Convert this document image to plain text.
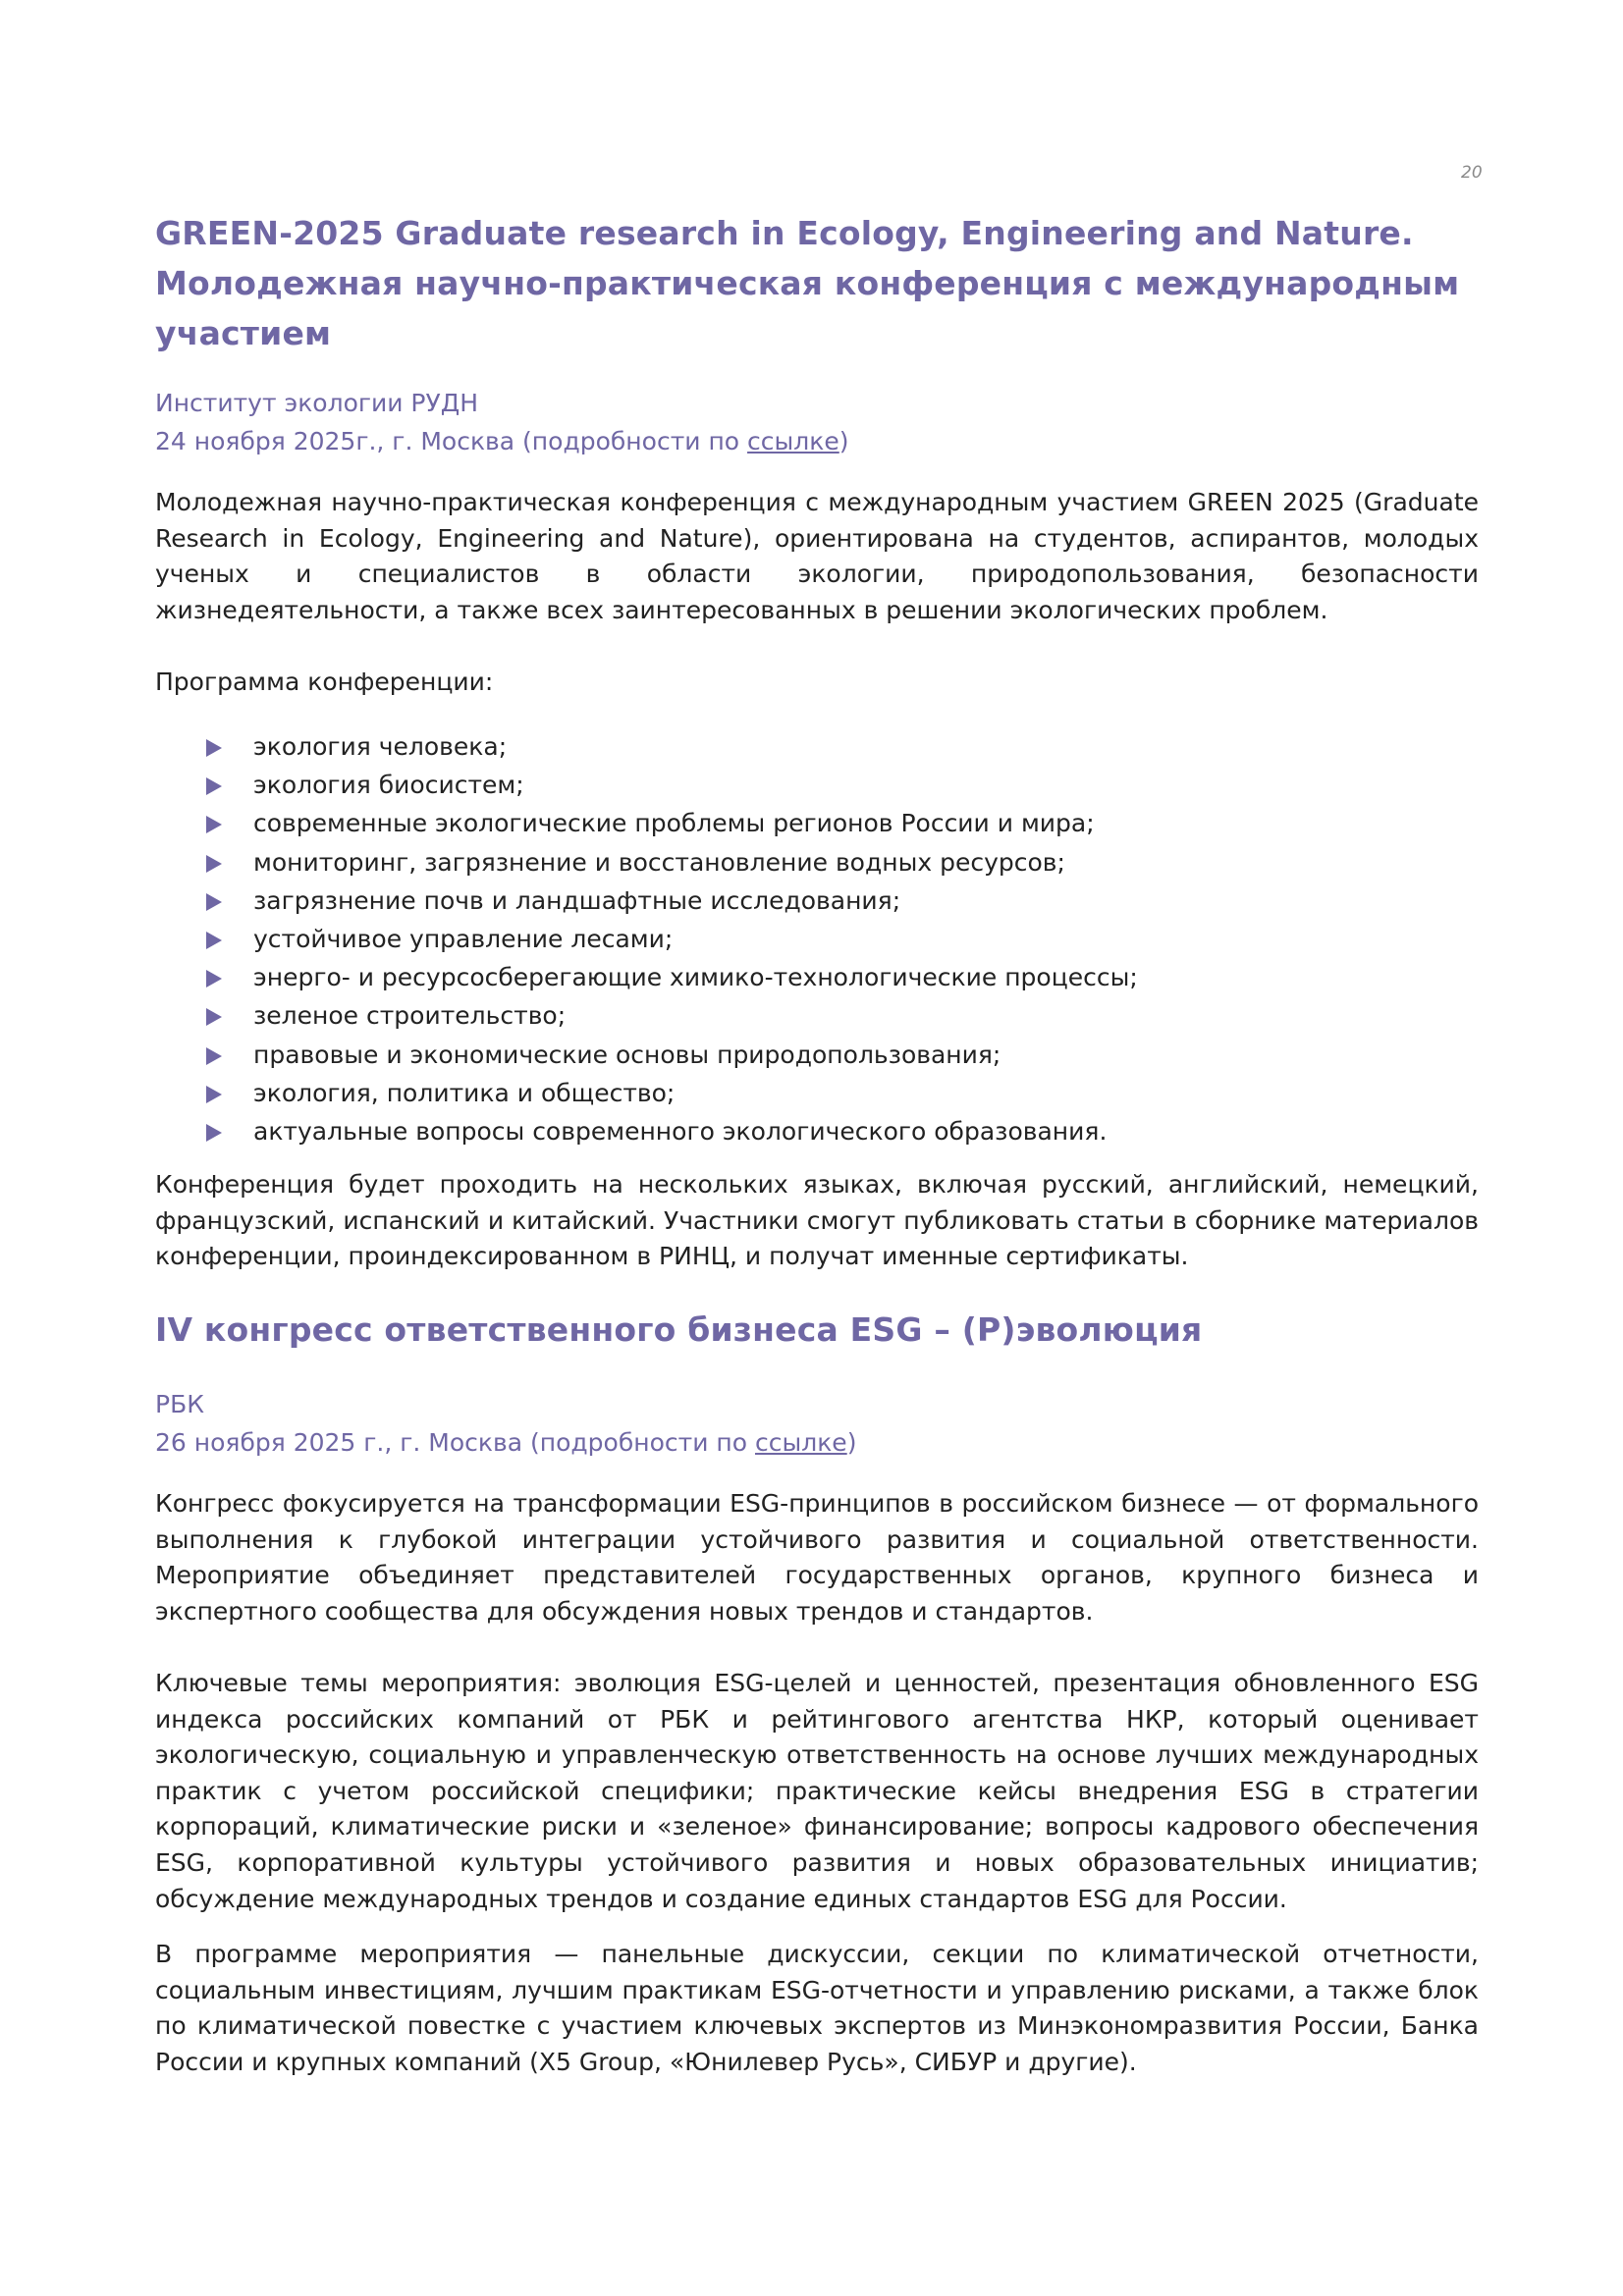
20
GREEN-2025 Graduate research in Ecology, Engineering and Nature.
Молодежная научно-практическая конференция с международным
участием
Институт экологии РУДН
24 ноября 2025г., г. Москва (подробности по ссылке)

Молодежная научно-практическая конференция с международным участием GREEN 2025 (Graduate Research in Ecology, Engineering and Nature), ориентирована на студентов, аспирантов, молодых ученых и специалистов в области экологии, природопользования, безопасности жизнедеятельности, а также всех заинтересованных в решении экологических проблем.

Программа конференции:

экология человека;
экология биосистем;
современные экологические проблемы регионов России и мира;
мониторинг, загрязнение и восстановление водных ресурсов;
загрязнение почв и ландшафтные исследования;
устойчивое управление лесами;
энерго- и ресурсосберегающие химико-технологические процессы;
зеленое строительство;
правовые и экономические основы природопользования;
экология, политика и общество;
актуальные вопросы современного экологического образования.

Конференция будет проходить на нескольких языках, включая русский, английский, немецкий, французский, испанский и китайский. Участники смогут публиковать статьи в сборнике материалов конференции, проиндексированном в РИНЦ, и получат именные сертификаты.

IV конгресс ответственного бизнеса ESG – (Р)эволюция
РБК
26 ноября 2025 г., г. Москва (подробности по ссылке)

Конгресс фокусируется на трансформации ESG-принципов в российском бизнесе — от формального выполнения к глубокой интеграции устойчивого развития и социальной ответственности. Мероприятие объединяет представителей государственных органов, крупного бизнеса и экспертного сообщества для обсуждения новых трендов и стандартов.

Ключевые темы мероприятия: эволюция ESG-целей и ценностей, презентация обновленного ESG индекса российских компаний от РБК и рейтингового агентства НКР, который оценивает экологическую, социальную и управленческую ответственность на основе лучших международных практик с учетом российской специфики; практические кейсы внедрения ESG в стратегии корпораций, климатические риски и «зеленое» финансирование; вопросы кадрового обеспечения ESG, корпоративной культуры устойчивого развития и новых образовательных инициатив; обсуждение международных трендов и создание единых стандартов ESG для России.

В программе мероприятия — панельные дискуссии, секции по климатической отчетности, социальным инвестициям, лучшим практикам ESG-отчетности и управлению рисками, а также блок по климатической повестке с участием ключевых экспертов из Минэкономразвития России, Банка России и крупных компаний (X5 Group, «Юнилевер Русь», СИБУР и другие).
